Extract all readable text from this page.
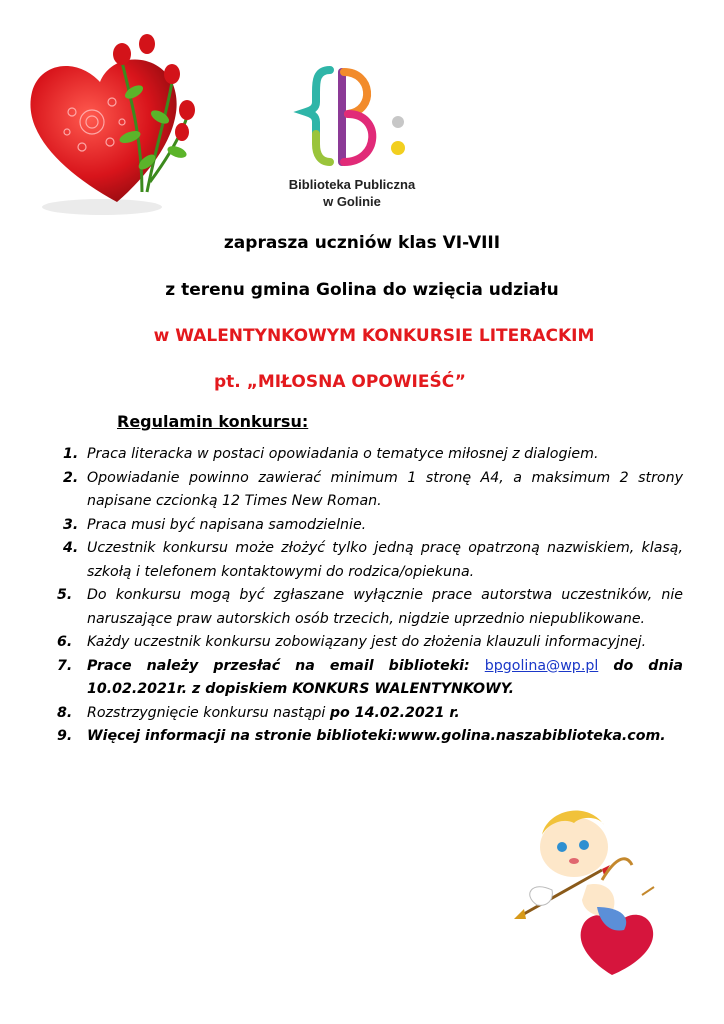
Biblioteka Publiczna
w Golinie
zaprasza uczniów klas VI-VIII
z terenu gmina Golina do wzięcia udziału
w WALENTYNKOWYM KONKURSIE LITERACKIM
pt. „MIŁOSNA OPOWIEŚĆ”
Regulamin konkursu:
1. Praca literacka w postaci opowiadania o tematyce miłosnej z dialogiem.
2. Opowiadanie powinno zawierać minimum 1 stronę A4, a maksimum 2 strony napisane czcionką 12 Times New Roman.
3. Praca musi być napisana samodzielnie.
4. Uczestnik konkursu może złożyć tylko jedną pracę opatrzoną nazwiskiem, klasą, szkołą i telefonem kontaktowymi do rodzica/opiekuna.
5.	Do konkursu mogą być zgłaszane wyłącznie prace autorstwa uczestników, nie naruszające praw autorskich osób trzecich, nigdzie uprzednio niepublikowane.
6.	Każdy uczestnik konkursu zobowiązany jest do złożenia klauzuli informacyjnej.
7.	Prace należy przesłać na email biblioteki: bpgolina@wp.pl do dnia 10.02.2021r. z dopiskiem KONKURS WALENTYNKOWY.
8.	Rozstrzygnięcie konkursu nastąpi po 14.02.2021 r.
9.	Więcej informacji na stronie biblioteki:www.golina.naszabiblioteka.com.
